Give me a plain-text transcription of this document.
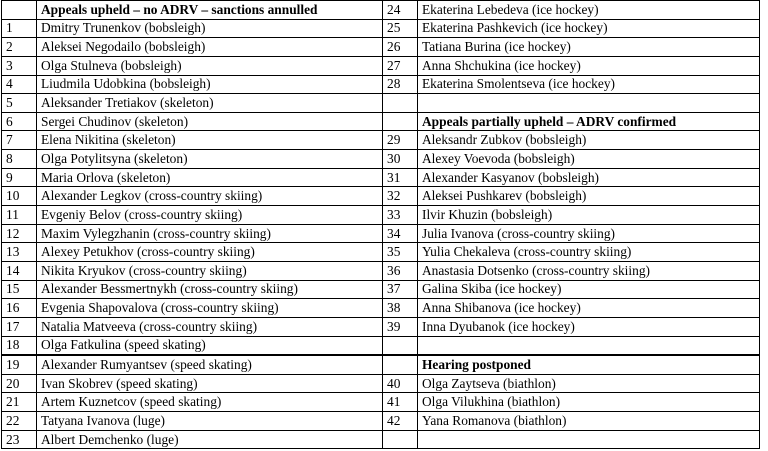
	Appeals upheld – no ADRV – sanctions annulled	24	Ekaterina Lebedeva (ice hockey)
1	Dmitry Trunenkov (bobsleigh)	25	Ekaterina Pashkevich (ice hockey)
2	Aleksei Negodailo (bobsleigh)	26	Tatiana Burina (ice hockey)
3	Olga Stulneva (bobsleigh)	27	Anna Shchukina (ice hockey)
4	Liudmila Udobkina (bobsleigh)	28	Ekaterina Smolentseva (ice hockey)
5	Aleksander Tretiakov (skeleton)		
6	Sergei Chudinov (skeleton)		Appeals partially upheld – ADRV confirmed
7	Elena Nikitina (skeleton)	29	Aleksandr Zubkov (bobsleigh)
8	Olga Potylitsyna (skeleton)	30	Alexey Voevoda (bobsleigh)
9	Maria Orlova (skeleton)	31	Alexander Kasyanov (bobsleigh)
10	Alexander Legkov (cross-country skiing)	32	Aleksei Pushkarev (bobsleigh)
11	Evgeniy Belov (cross-country skiing)	33	Ilvir Khuzin (bobsleigh)
12	Maxim Vylegzhanin (cross-country skiing)	34	Julia Ivanova (cross-country skiing)
13	Alexey Petukhov (cross-country skiing)	35	Yulia Chekaleva (cross-country skiing)
14	Nikita Kryukov (cross-country skiing)	36	Anastasia Dotsenko (cross-country skiing)
15	Alexander Bessmertnykh (cross-country skiing)	37	Galina Skiba (ice hockey)
16	Evgenia Shapovalova (cross-country skiing)	38	Anna Shibanova (ice hockey)
17	Natalia Matveeva (cross-country skiing)	39	Inna Dyubanok (ice hockey)
18	Olga Fatkulina (speed skating)		
19	Alexander Rumyantsev (speed skating)		Hearing postponed
20	Ivan Skobrev (speed skating)	40	Olga Zaytseva (biathlon)
21	Artem Kuznetcov (speed skating)	41	Olga Vilukhina (biathlon)
22	Tatyana Ivanova (luge)	42	Yana Romanova (biathlon)
23	Albert Demchenko (luge)		
